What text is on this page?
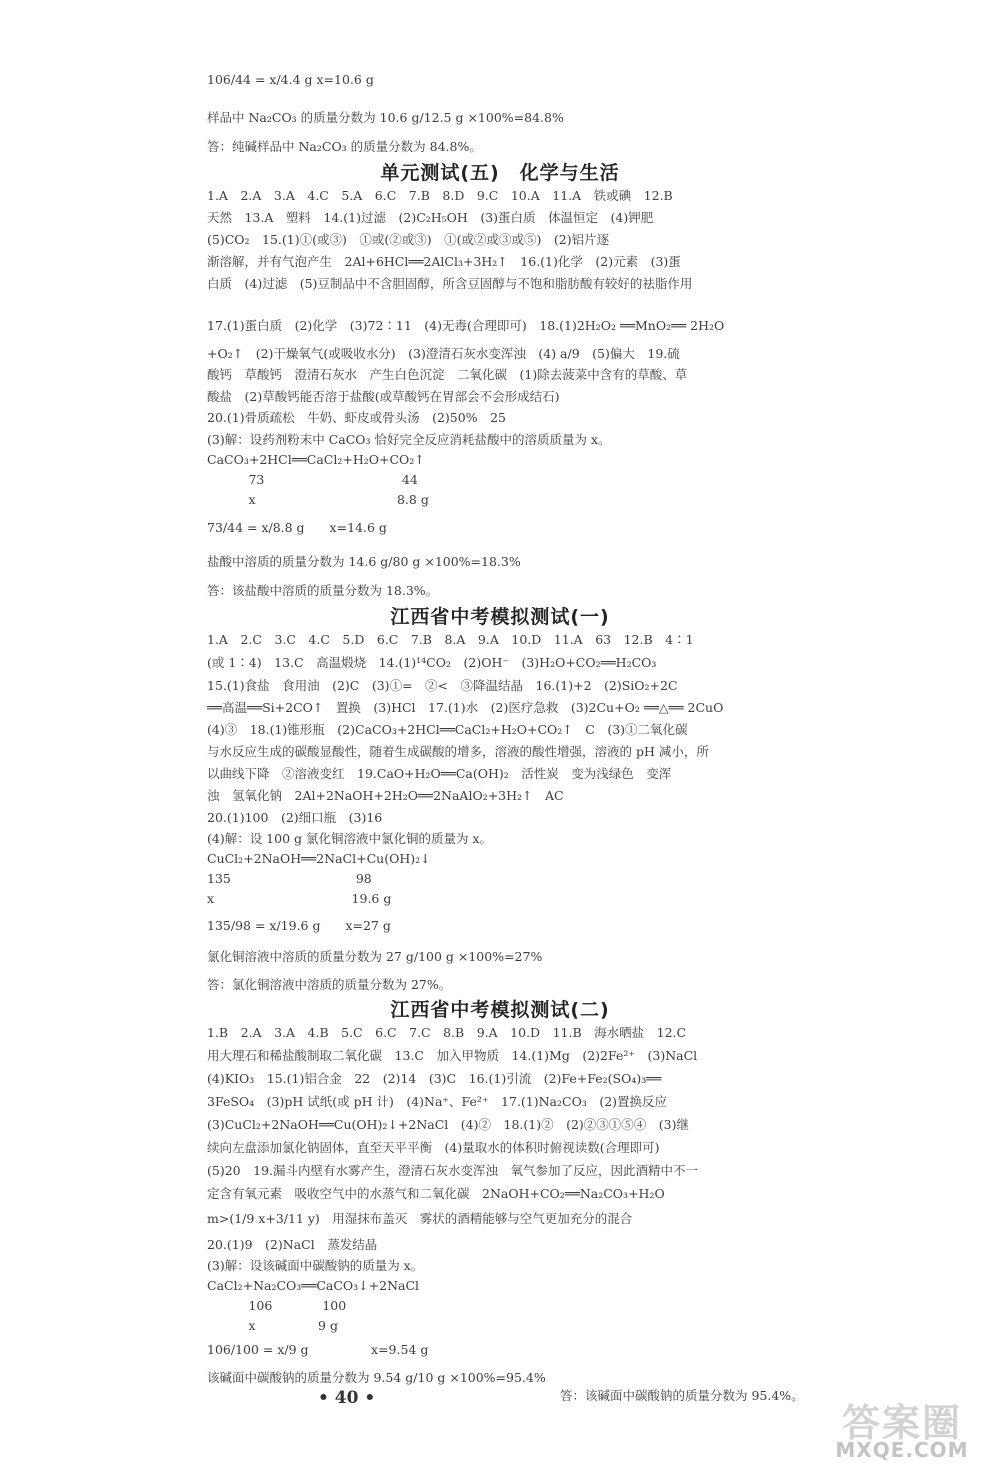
106/44 = x/4.4 g x=10.6 g
样品中 Na₂CO₃ 的质量分数为 10.6 g/12.5 g ×100%=84.8%
答：纯碱样品中 Na₂CO₃ 的质量分数为 84.8%。
单元测试(五)　化学与生活
1.A　2.A　3.A　4.C　5.A　6.C　7.B　8.D　9.C　10.A　11.A　铁或碘　12.B
天然　13.A　塑料　14.(1)过滤　(2)C₂H₅OH　(3)蛋白质　体温恒定　(4)钾肥
(5)CO₂　15.(1)①(或③)　①或(②或③)　①(或②或③或⑤)　(2)铝片逐
渐溶解，并有气泡产生　2Al+6HCl══2AlCl₃+3H₂↑　16.(1)化学　(2)元素　(3)蛋
白质　(4)过滤　(5)豆制品中不含胆固醇，所含豆固醇与不饱和脂肪酸有较好的祛脂作用
17.(1)蛋白质　(2)化学　(3)72∶11　(4)无毒(合理即可)　18.(1)2H₂O₂ ══MnO₂══ 2H₂O
+O₂↑　(2)干燥氧气(或吸收水分)　(3)澄清石灰水变浑浊　(4) a/9　(5)偏大　19.硫
酸钙　草酸钙　澄清石灰水　产生白色沉淀　二氧化碳　(1)除去菠菜中含有的草酸、草
酸盐　(2)草酸钙能否溶于盐酸(或草酸钙在胃部会不会形成结石)
20.(1)骨质疏松　牛奶、虾皮或骨头汤　(2)50%　25
(3)解：设药剂粉末中 CaCO₃ 恰好完全反应消耗盐酸中的溶质质量为 x。
CaCO₃+2HCl══CaCl₂+H₂O+CO₂↑
　　　 73　　　　　　　　　　　44
　　　 x　　　　　　　　　　　 8.8 g
73/44 = x/8.8 g　　x=14.6 g
盐酸中溶质的质量分数为 14.6 g/80 g ×100%=18.3%
答：该盐酸中溶质的质量分数为 18.3%。
江西省中考模拟测试(一)
1.A　2.C　3.C　4.C　5.D　6.C　7.B　8.A　9.A　10.D　11.A　63　12.B　4∶1
(或 1∶4)　13.C　高温煅烧　14.(1)¹⁴CO₂　(2)OH⁻　(3)H₂O+CO₂══H₂CO₃
15.(1)食盐　食用油　(2)C　(3)①=　②<　③降温结晶　16.(1)+2　(2)SiO₂+2C
══高温══Si+2CO↑　置换　(3)HCl　17.(1)水　(2)医疗急救　(3)2Cu+O₂ ══△══ 2CuO
(4)③　18.(1)锥形瓶　(2)CaCO₃+2HCl══CaCl₂+H₂O+CO₂↑　C　(3)①二氧化碳
与水反应生成的碳酸显酸性，随着生成碳酸的增多，溶液的酸性增强，溶液的 pH 减小，所
以曲线下降　②溶液变红　19.CaO+H₂O══Ca(OH)₂　活性炭　变为浅绿色　变浑
浊　氢氧化钠　2Al+2NaOH+2H₂O══2NaAlO₂+3H₂↑　AC
20.(1)100　(2)细口瓶　(3)16
(4)解：设 100 g 氯化铜溶液中氯化铜的质量为 x。
CuCl₂+2NaOH══2NaCl+Cu(OH)₂↓
135　　　　　　　　　　98
x　　　　　　　　　　　19.6 g
135/98 = x/19.6 g　　x=27 g
氯化铜溶液中溶质的质量分数为 27 g/100 g ×100%=27%
答：氯化铜溶液中溶质的质量分数为 27%。
江西省中考模拟测试(二)
1.B　2.A　3.A　4.B　5.C　6.C　7.C　8.B　9.A　10.D　11.B　海水晒盐　12.C
用大理石和稀盐酸制取二氧化碳　13.C　加入甲物质　14.(1)Mg　(2)2Fe²⁺　(3)NaCl
(4)KIO₃　15.(1)铝合金　22　(2)14　(3)C　16.(1)引流　(2)Fe+Fe₂(SO₄)₃══
3FeSO₄　(3)pH 试纸(或 pH 计)　(4)Na⁺、Fe²⁺　17.(1)Na₂CO₃　(2)置换反应
(3)CuCl₂+2NaOH══Cu(OH)₂↓+2NaCl　(4)②　18.(1)②　(2)②③①⑤④　(3)继
续向左盘添加氯化钠固体，直至天平平衡　(4)量取水的体积时俯视读数(合理即可)
(5)20　19.漏斗内壁有水雾产生，澄清石灰水变浑浊　氧气参加了反应，因此酒精中不一
定含有氧元素　吸收空气中的水蒸气和二氧化碳　2NaOH+CO₂══Na₂CO₃+H₂O
m>(1/9 x+3/11 y)　用湿抹布盖灭　雾状的酒精能够与空气更加充分的混合
20.(1)9　(2)NaCl　蒸发结晶
(3)解：设该碱面中碳酸钠的质量为 x。
CaCl₂+Na₂CO₃══CaCO₃↓+2NaCl
　　　 106　　　　100
　　　 x　　　　　9 g
106/100 = x/9 g　　　　　x=9.54 g
该碱面中碳酸钠的质量分数为 9.54 g/10 g ×100%=95.4%
答：该碱面中碳酸钠的质量分数为 95.4%。
• 40 •
答案圈
MXQE.COM
